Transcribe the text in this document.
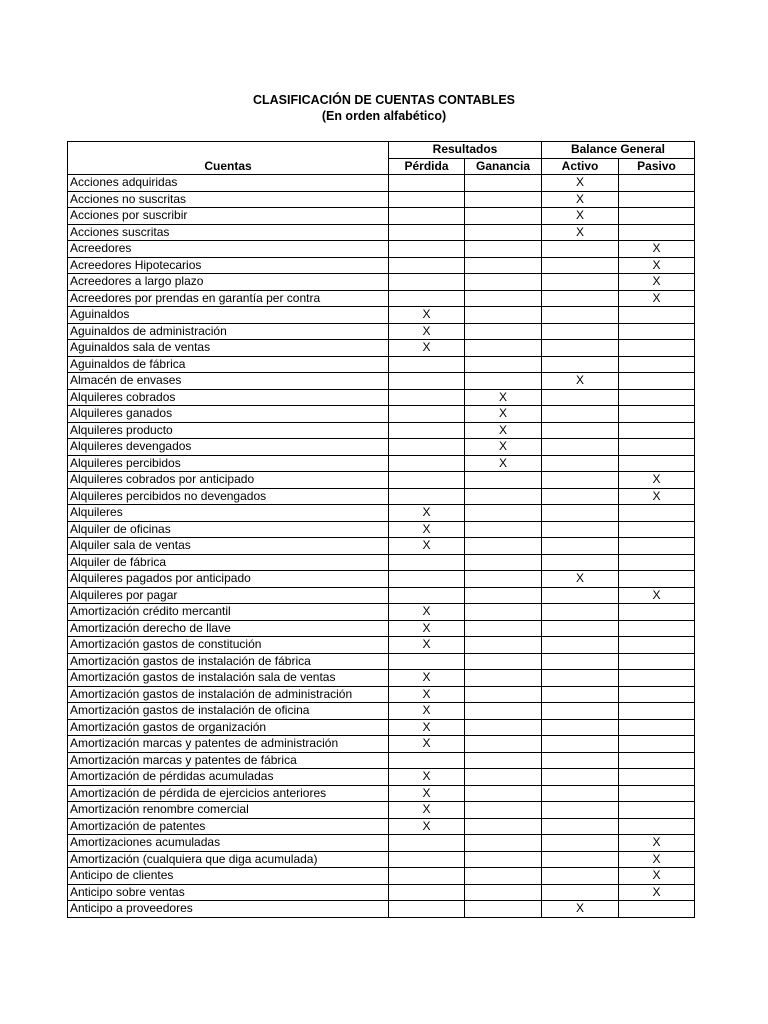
CLASIFICACIÓN DE CUENTAS CONTABLES
(En orden alfabético)
Cuentas	Resultados		Balance General	
	Pérdida	Ganancia	Activo	Pasivo
Acciones adquiridas			X	
Acciones no suscritas			X	
Acciones por suscribir			X	
Acciones suscritas			X	
Acreedores				X
Acreedores Hipotecarios				X
Acreedores a largo plazo				X
Acreedores por prendas en garantía per contra				X
Aguinaldos	X			
Aguinaldos de administración	X			
Aguinaldos sala de ventas	X			
Aguinaldos de fábrica				
Almacén de envases			X	
Alquileres cobrados		X		
Alquileres ganados		X		
Alquileres producto		X		
Alquileres devengados		X		
Alquileres percibidos		X		
Alquileres cobrados por anticipado				X
Alquileres percibidos no devengados				X
Alquileres	X			
Alquiler de oficinas	X			
Alquiler sala de ventas	X			
Alquiler de fábrica				
Alquileres pagados por anticipado			X	
Alquileres por pagar				X
Amortización crédito mercantil	X			
Amortización derecho de llave	X			
Amortización gastos de constitución	X			
Amortización gastos de instalación de fábrica				
Amortización gastos de instalación sala de ventas	X			
Amortización gastos de instalación de administración	X			
Amortización gastos de instalación de oficina	X			
Amortización gastos de organización	X			
Amortización marcas y patentes de administración	X			
Amortización marcas y patentes de fábrica				
Amortización de pérdidas acumuladas	X			
Amortización de pérdida de ejercicios anteriores	X			
Amortización renombre comercial	X			
Amortización de patentes	X			
Amortizaciones acumuladas				X
Amortización (cualquiera que diga acumulada)				X
Anticipo de clientes				X
Anticipo sobre ventas				X
Anticipo a proveedores			X	
